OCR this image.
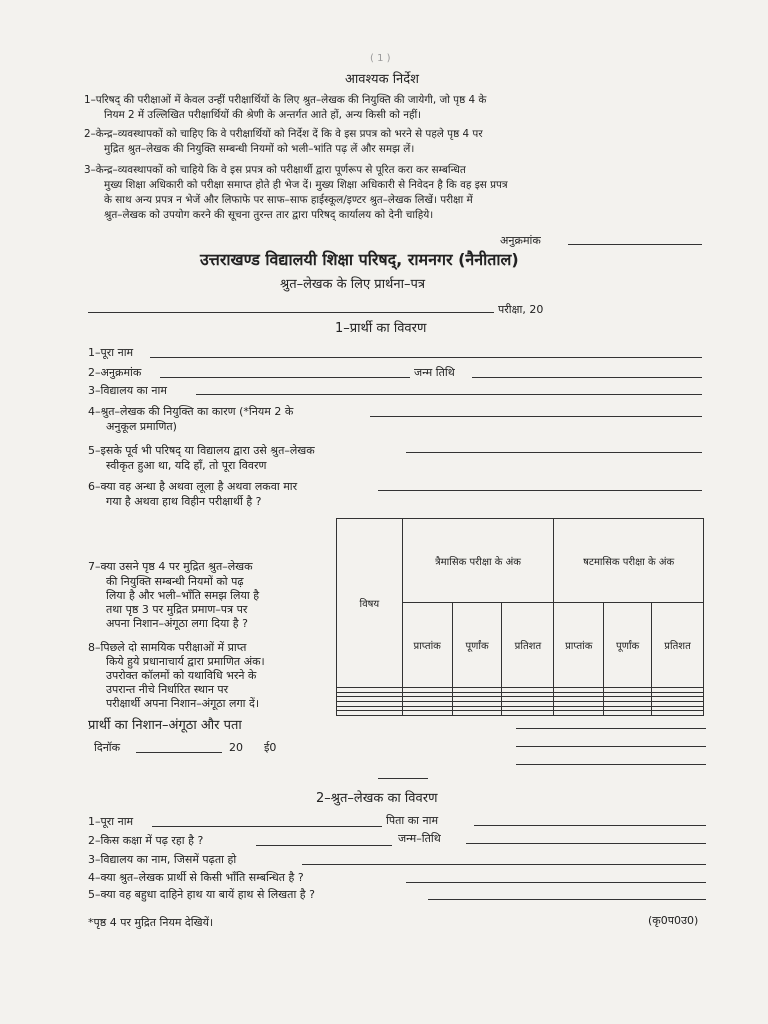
( 1 )
आवश्यक निर्देश
1–परिषद् की परीक्षाओं में केवल उन्हीं परीक्षार्थियों के लिए श्रुत–लेखक की नियुक्ति की जायेगी, जो पृष्ठ 4 के
नियम 2 में उल्लिखित परीक्षार्थियों की श्रेणी के अन्तर्गत आते हों, अन्य किसी को नहीं।
2–केन्द्र–व्यवस्थापकों को चाहिए कि वे परीक्षार्थियों को निर्देश दें कि वे इस प्रपत्र को भरने से पहले पृष्ठ 4 पर
मुद्रित श्रुत–लेखक की नियुक्ति सम्बन्धी नियमों को भली–भांति पढ़ लें और समझ लें।
3–केन्द्र–व्यवस्थापकों को चाहिये कि वे इस प्रपत्र को परीक्षार्थी द्वारा पूर्णरूप से पूरित करा कर सम्बन्धित
मुख्य शिक्षा अधिकारी को परीक्षा समाप्त होते ही भेज दें। मुख्य शिक्षा अधिकारी से निवेदन है कि वह इस प्रपत्र
के साथ अन्य प्रपत्र न भेजें और लिफाफे पर साफ–साफ हाईस्कूल/इण्टर श्रुत–लेखक लिखें। परीक्षा में
श्रुत–लेखक को उपयोग करने की सूचना तुरन्त तार द्वारा परिषद् कार्यालय को देनी चाहिये।
अनुक्रमांक
उत्तराखण्ड विद्यालयी शिक्षा परिषद्, रामनगर (नैनीताल)
श्रुत–लेखक के लिए प्रार्थना–पत्र
परीक्षा, 20
1–प्रार्थी का विवरण
1–पूरा नाम
2–अनुक्रमांक	जन्म तिथि
3–विद्यालय का नाम
4–श्रुत–लेखक की नियुक्ति का कारण (*नियम 2 के
अनुकूल प्रमाणित)
5–इसके पूर्व भी परिषद् या विद्यालय द्वारा उसे श्रुत–लेखक
स्वीकृत हुआ था, यदि हाँ, तो पूरा विवरण
6–क्या वह अन्धा है अथवा लूला है अथवा लकवा मार
गया है अथवा हाथ विहीन परीक्षार्थी है ?
7–क्या उसने पृष्ठ 4 पर मुद्रित श्रुत–लेखक
की नियुक्ति सम्बन्धी नियमों को पढ़
लिया है और भली–भाँति समझ लिया है
तथा पृष्ठ 3 पर मुद्रित प्रमाण–पत्र पर
अपना निशान–अंगूठा लगा दिया है ?
8–पिछले दो सामयिक परीक्षाओं में प्राप्त
किये हुये प्रधानाचार्य द्वारा प्रमाणित अंक।
उपरोक्त कॉलमों को यथाविधि भरने के
उपरान्त नीचे निर्धारित स्थान पर
परीक्षार्थी अपना निशान–अंगूठा लगा दें।
विषय	त्रैमासिक परीक्षा के अंक			षटमासिक परीक्षा के अंक		
	प्राप्तांक	पूर्णांक	प्रतिशत	प्राप्तांक	पूर्णांक	प्रतिशत

प्रार्थी का निशान–अंगूठा और पता
दिनॉक	20 ई0
2–श्रुत–लेखक का विवरण
1–पूरा नाम	पिता का नाम
2–किस कक्षा में पढ़ रहा है ?	जन्म–तिथि
3–विद्यालय का नाम, जिसमें पढ़ता हो
4–क्या श्रुत–लेखक प्रार्थी से किसी भाँति सम्बन्धित है ?
5–क्या वह बहुधा दाहिने हाथ या बायें हाथ से लिखता है ?
*पृष्ठ 4 पर मुद्रित नियम देखियें।	(कृ0प0उ0)
